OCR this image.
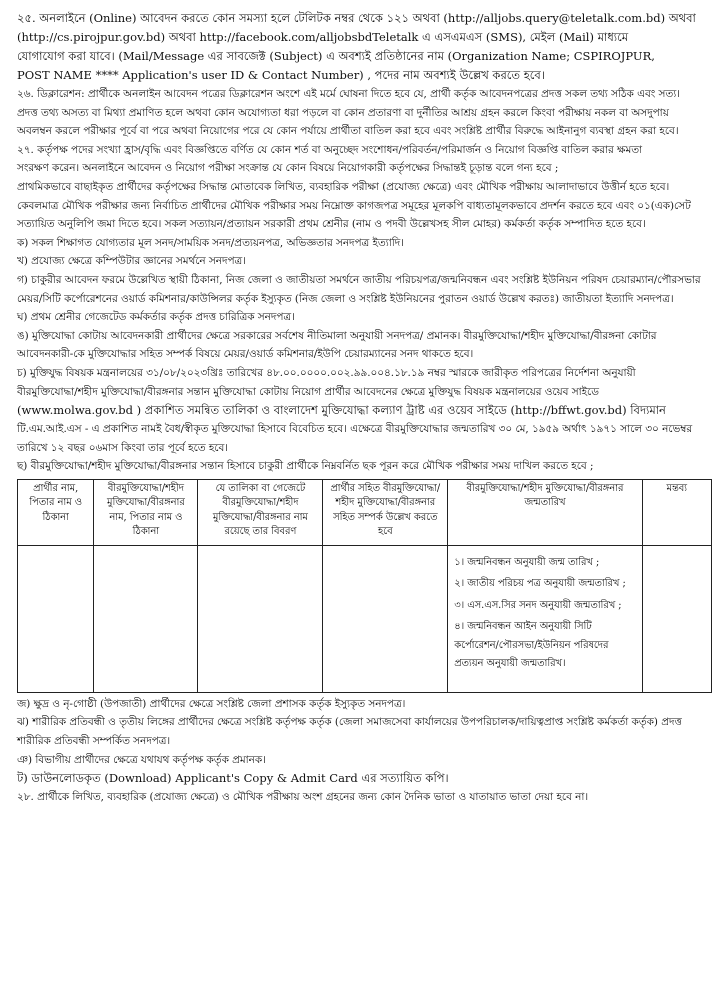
২৫. অনলাইনে (Online) আবেদন করতে কোন সমস্যা হলে টেলিটক নম্বর থেকে ১২১ অথবা (http://alljobs.query@teletalk.com.bd) অথবা

(http://cs.pirojpur.gov.bd) অথবা http://facebook.com/alljobsbdTeletalk এ এসএমএস (SMS), মেইল (Mail) মাধ্যমে

যোগাযোগ করা যাবে। (Mail/Message এর সাবজেক্ট (Subject) এ অবশ্যই প্রতিষ্ঠানের নাম (Organization Name; CSPIROJPUR,

POST NAME **** Application's user ID & Contact Number) , পদের নাম অবশ্যই উল্লেখ করতে হবে।

২৬. ডিক্লারেশন: প্রার্থীকে অনলাইন আবেদন পত্রের ডিক্লারেশন অংশে এই মর্মে ঘোষনা দিতে হবে যে, প্রার্থী কর্তৃক আবেদনপত্রের প্রদত্ত সকল তথ্য সঠিক এবং সত্য।

প্রদত্ত তথ্য অসত্য বা মিথ্যা প্রমাণিত হলে অথবা কোন অযোগ্যতা ধরা পড়লে বা কোন প্রতারণা বা দুর্নীতির আশ্রয় গ্রহন করলে কিংবা পরীক্ষায় নকল বা অসদুপায়

অবলম্বন করলে পরীক্ষার পূর্বে বা পরে অথবা নিয়োগের পরে যে কোন পর্যায়ে প্রার্থীতা বাতিল করা হবে এবং সংশ্লিষ্ট প্রার্থীর বিরুদ্ধে আইনানুগ ব্যবস্থা গ্রহন করা হবে।

২৭. কর্তৃপক্ষ পদের সংখ্যা হ্রাস/বৃদ্ধি এবং বিজ্ঞপ্তিতে বর্ণিত যে কোন শর্ত বা অনুচ্ছেদ সংশোধন/পরিবর্তন/পরিমার্জন ও নিয়োগ বিজ্ঞপ্তি বাতিল করার ক্ষমতা

সংরক্ষণ করেন। অনলাইনে আবেদন ও নিয়োগ পরীক্ষা সংক্রান্ত যে কোন বিষয়ে নিয়োগকারী কর্তৃপক্ষের সিদ্ধান্তই চূড়ান্ত বলে গন্য হবে ;

প্রাথমিকভাবে বাছাইকৃত প্রার্থীদের কর্তৃপক্ষের সিদ্ধান্ত মোতাবেক লিখিত, ব্যবহারিক পরীক্ষা (প্রযোজ্য ক্ষেত্রে) এবং মৌখিক পরীক্ষায় আলাদাভাবে উত্তীর্ন হতে হবে।

কেবলমাত্র মৌখিক পরীক্ষার জন্য নির্বাচিত প্রার্থীদের মৌখিক পরীক্ষার সময় নিম্নোক্ত কাগজপত্র সমূহের মূলকপি বাধ্যতামূলকভাবে প্রদর্শন করতে হবে এবং ০১(এক)সেট

সত্যায়িত অনুলিপি জমা দিতে হবে। সকল সত্যায়ন/প্রত্যায়ন সরকারী প্রথম শ্রেনীর (নাম ও পদবী উল্লেখসহ সীল মোহর) কর্মকর্তা কর্তৃক সম্পাদিত হতে হবে।

ক) সকল শিক্ষাগত যোগ্যতার মূল সনদ/সাময়িক সনদ/প্রত্যয়নপত্র, অভিজ্ঞতার সনদপত্র ইত্যাদি।

খ) প্রযোজ্য ক্ষেত্রে কম্পিউটার জ্ঞানের সমর্থনে সনদপত্র।

গ) চাকুরীর আবেদন ফরমে উল্লেখিত স্থায়ী ঠিকানা, নিজ জেলা ও জাতীয়তা সমর্থনে জাতীয় পরিচয়পত্র/জন্মনিবন্ধন এবং সংশ্লিষ্ট ইউনিয়ন পরিষদ চেয়ারম্যান/পৌরসভার

মেয়র/সিটি কর্পোরেশনের ওয়ার্ড কমিশনার/কাউন্সিলর কর্তৃক ইস্যুকৃত (নিজ জেলা ও সংশ্লিষ্ট ইউনিয়নের পুরাতন ওয়ার্ড উল্লেখ করতঃ) জাতীয়তা ইত্যাদি সনদপত্র।

ঘ) প্রথম শ্রেনীর গেজেটেড কর্মকর্তার কর্তৃক প্রদত্ত চারিত্রিক সনদপত্র।

ঙ) মুক্তিযোদ্ধা কোটায় আবেদনকারী প্রার্থীদের ক্ষেত্রে সরকারের সর্বশেষ নীতিমালা অনুযায়ী সনদপত্র/ প্রমানক। বীরমুক্তিযোদ্ধা/শহীদ মুক্তিযোদ্ধা/বীরঙ্গনা কোটার

আবেদনকারী-কে মুক্তিযোদ্ধার সহিত সম্পর্ক বিষয়ে মেয়র/ওয়ার্ড কমিশনার/ইউপি চেয়ারম্যানের সনদ থাকতে হবে।

চ) মুক্তিযুদ্ধ বিষয়ক মন্ত্রনালয়ের ৩১/০৮/২০২৩খ্রিঃ তারিখের ৪৮.০০.০০০০.০০২.৯৯.০০৪.১৮.১৯ নম্বর স্মারকে জারীকৃত পরিপত্রের নির্দেশনা অনুযায়ী

বীরমুক্তিযোদ্ধা/শহীদ মুক্তিযোদ্ধা/বীরঙ্গনার সন্তান মুক্তিযোদ্ধা কোটায় নিয়োগ প্রার্থীর আবেদনের ক্ষেত্রে মুক্তিযুদ্ধ বিষয়ক মন্ত্রনালয়ের ওয়েব সাইডে

(www.molwa.gov.bd ) প্রকাশিত সমন্বিত তালিকা ও বাংলাদেশ মুক্তিযোদ্ধা কল্যাণ ট্রাষ্ট এর ওয়েব সাইডে (http://bffwt.gov.bd) বিদ্যমান

টি.এম.আই.এস - এ প্রকাশিত নামই বৈধ/স্বীকৃত মুক্তিযোদ্ধা হিসাবে বিবেচিত হবে। এক্ষেত্রে বীরমুক্তিযোদ্ধার জন্মতারিখ ৩০ মে, ১৯৫৯ অর্থাৎ ১৯৭১ সালে ৩০ নভেম্বর

তারিখে ১২ বছর ০৬মাস কিংবা তার পূর্বে হতে হবে।

ছ) বীরমুক্তিযোদ্ধা/শহীদ মুক্তিযোদ্ধা/বীরঙ্গনার সন্তান হিসাবে চাকুরী প্রার্থীকে নিম্নবর্নিত ছক পূরন করে মৌখিক পরীক্ষার সময় দাখিল করতে হবে ;

প্রার্থীর নাম, পিতার নাম ও ঠিকানা	বীরমুক্তিযোদ্ধা/শহীদ মুক্তিযোদ্ধা/বীরঙ্গনার নাম, পিতার নাম ও ঠিকানা	যে তালিকা বা গেজেটে বীরমুক্তিযোদ্ধা/শহীদ মুক্তিযোদ্ধা/বীরঙ্গনার নাম রয়েছে তার বিবরণ	প্রার্থীর সহিত বীরমুক্তিযোদ্ধা/শহীদ মুক্তিযোদ্ধা/বীরঙ্গনার সহিত সম্পর্ক উল্লেখ করতে হবে	বীরমুক্তিযোদ্ধা/শহীদ মুক্তিযোদ্ধা/বীরঙ্গনার জন্মতারিখ	মন্তব্য

				১। জন্মনিবন্ধন অনুযায়ী জন্ম তারিখ ;
২। জাতীয় পরিচয় পত্র অনুযায়ী জন্মতারিখ ;
৩। এস.এস.সির সনদ অনুযায়ী জন্মতারিখ ;
৪। জন্মনিবন্ধন আইন অনুযায়ী সিটি কর্পোরেশন/পৌরসভা/ইউনিয়ন পরিষদের প্রত্যয়ন অনুযায়ী জন্মতারিখ।	

জ) ক্ষুদ্র ও নৃ-গোষ্ঠী (উপজাতী) প্রার্থীদের ক্ষেত্রে সংশ্লিষ্ট জেলা প্রশাসক কর্তৃক ইস্যুকৃত সনদপত্র।

ঝ) শারীরিক প্রতিবন্ধী ও তৃতীয় লিঙ্গের প্রার্থীদের ক্ষেত্রে সংশ্লিষ্ট কর্তৃপক্ষ কর্তৃক (জেলা সমাজসেবা কার্যালয়ের উপপরিচালক/দায়িত্বপ্রাপ্ত সংশ্লিষ্ট কর্মকর্তা কর্তৃক) প্রদত্ত

শারীরিক প্রতিবন্ধী সম্পর্কিত সনদপত্র।

ঞ) বিভাগীয় প্রার্থীদের ক্ষেত্রে যথাযথ কর্তৃপক্ষ কর্তৃক প্রমানক।

ট) ডাউনলোডকৃত (Download) Applicant's Copy & Admit Card এর সত্যায়িত কপি।

২৮. প্রার্থীকে লিখিত, ব্যবহারিক (প্রযোজ্য ক্ষেত্রে) ও মৌখিক পরীক্ষায় অংশ গ্রহনের জন্য কোন দৈনিক ভাতা ও যাতায়াত ভাতা দেয়া হবে না।
